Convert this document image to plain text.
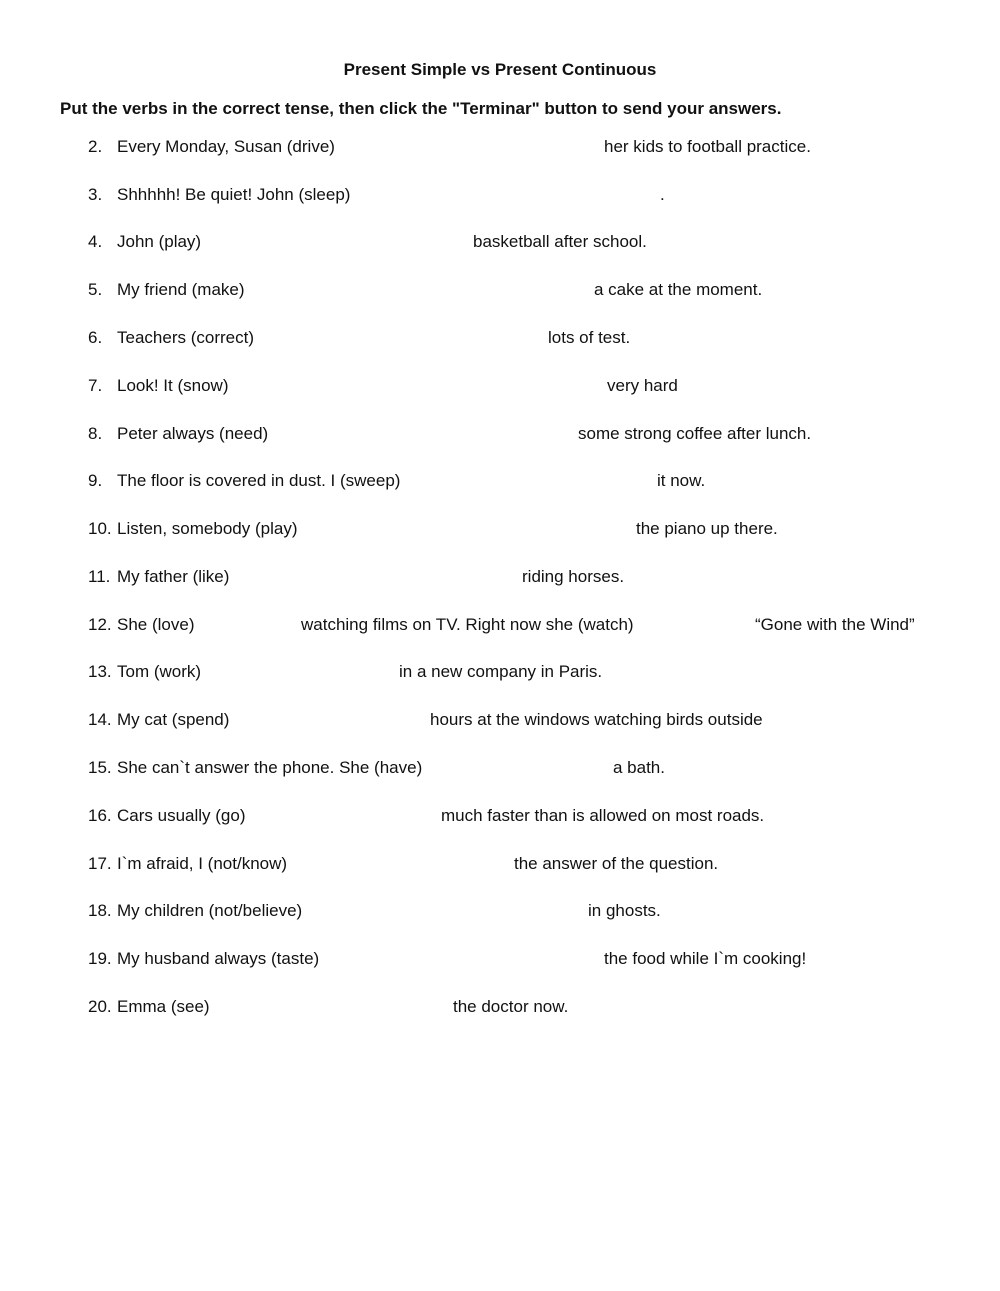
Present Simple vs Present Continuous
Put the verbs in the correct tense, then click the "Terminar" button to send your answers.
2. Every Monday, Susan (drive)	her kids to football practice.
3. Shhhhh! Be quiet! John (sleep)	.
4. John (play)	basketball after school.
5. My friend (make)	a cake at the moment.
6. Teachers (correct)	lots of test.
7. Look! It (snow)	very hard
8. Peter always (need)	some strong coffee after lunch.
9. The floor is covered in dust. I (sweep)	it now.
10. Listen, somebody (play)	the piano up there.
11. My father (like)	riding horses.
12. She (love)	watching films on TV. Right now she (watch)	“Gone with the Wind”
13. Tom (work)	in a new company in Paris.
14. My cat (spend)	hours at the windows watching birds outside
15. She can`t answer the phone. She (have)	a bath.
16. Cars usually (go)	much faster than is allowed on most roads.
17. I`m afraid, I (not/know)	the answer of the question.
18. My children (not/believe)	in ghosts.
19. My husband always (taste)	the food while I`m cooking!
20. Emma (see)	the doctor now.
